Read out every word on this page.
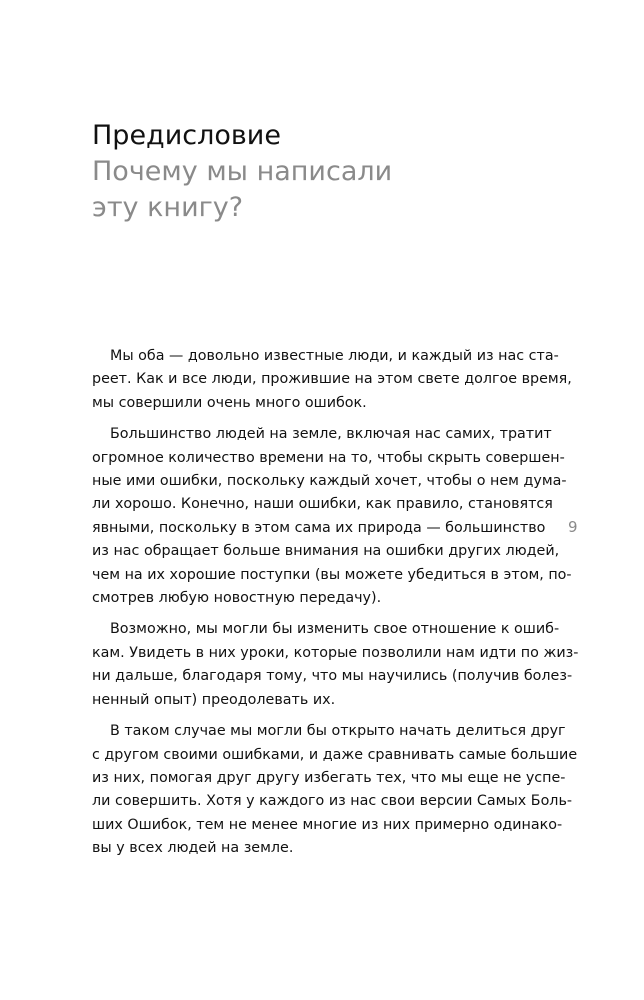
Предисловие
Почему мы написали
эту книгу?
Мы оба — довольно известные люди, и каждый из нас ста-
реет. Как и все люди, прожившие на этом свете долгое время,
мы совершили очень много ошибок.
Большинство людей на земле, включая нас самих, тратит
огромное количество времени на то, чтобы скрыть совершен-
ные ими ошибки, поскольку каждый хочет, чтобы о нем дума-
ли хорошо. Конечно, наши ошибки, как правило, становятся
явными, поскольку в этом сама их природа — большинство
из нас обращает больше внимания на ошибки других людей,
чем на их хорошие поступки (вы можете убедиться в этом, по-
смотрев любую новостную передачу).
Возможно, мы могли бы изменить свое отношение к ошиб-
кам. Увидеть в них уроки, которые позволили нам идти по жиз-
ни дальше, благодаря тому, что мы научились (получив болез-
ненный опыт) преодолевать их.
В таком случае мы могли бы открыто начать делиться друг
с другом своими ошибками, и даже сравнивать самые большие
из них, помогая друг другу избегать тех, что мы еще не успе-
ли совершить. Хотя у каждого из нас свои версии Самых Боль-
ших Ошибок, тем не менее многие из них примерно одинако-
вы у всех людей на земле.
9
